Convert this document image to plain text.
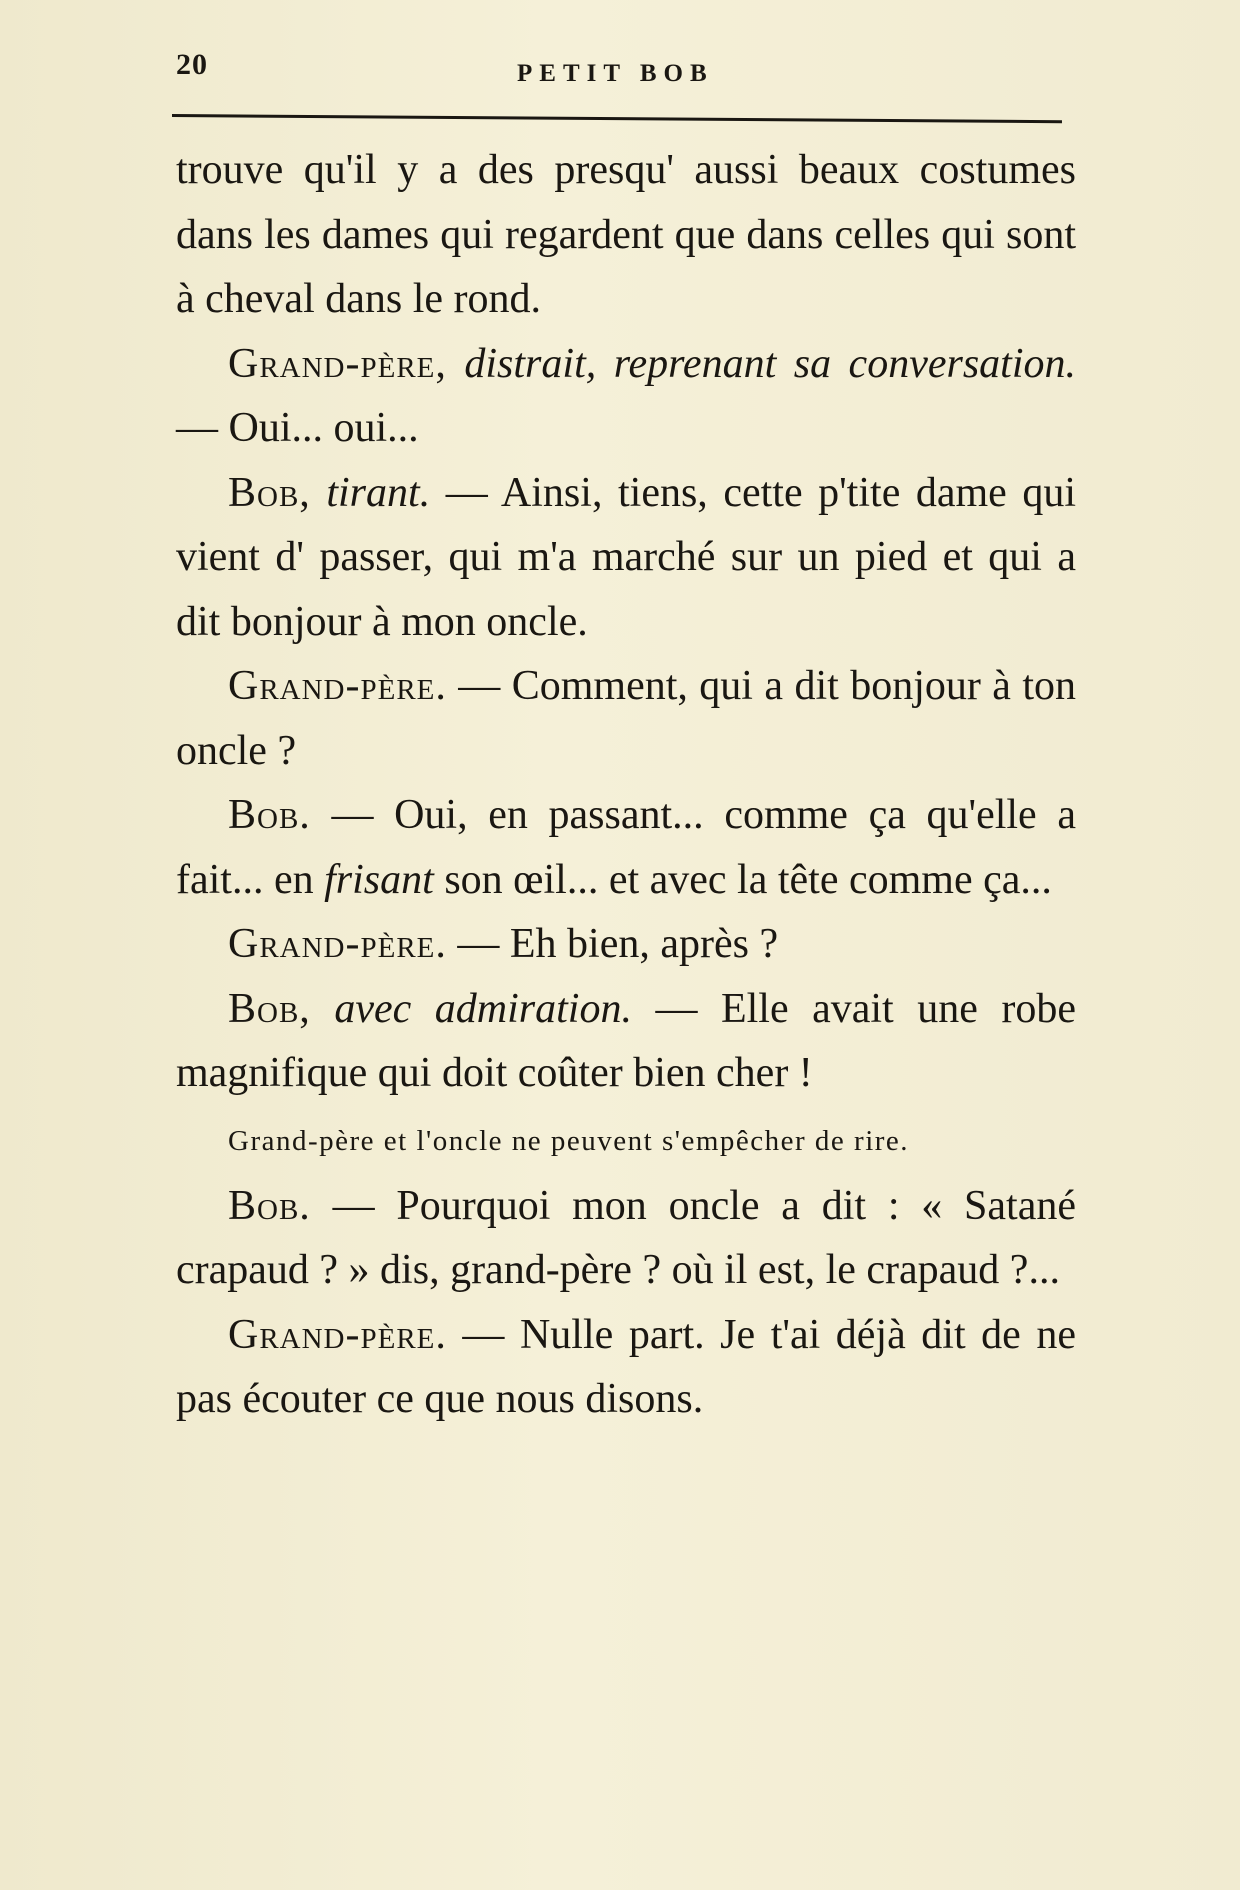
20	PETIT BOB

trouve qu'il y a des presqu' aussi beaux costumes dans les dames qui regardent que dans celles qui sont à cheval dans le rond.

Grand-père, distrait, reprenant sa conversation. — Oui... oui...

Bob, tirant. — Ainsi, tiens, cette p'tite dame qui vient d' passer, qui m'a marché sur un pied et qui a dit bonjour à mon oncle.

Grand-père. — Comment, qui a dit bonjour à ton oncle ?

Bob. — Oui, en passant... comme ça qu'elle a fait... en frisant son œil... et avec la tête comme ça...

Grand-père. — Eh bien, après ?

Bob, avec admiration. — Elle avait une robe magnifique qui doit coûter bien cher !

Grand-père et l'oncle ne peuvent s'empêcher de rire.

Bob. — Pourquoi mon oncle a dit : « Satané crapaud ? » dis, grand-père ? où il est, le crapaud ?...

Grand-père. — Nulle part. Je t'ai déjà dit de ne pas écouter ce que nous disons.
